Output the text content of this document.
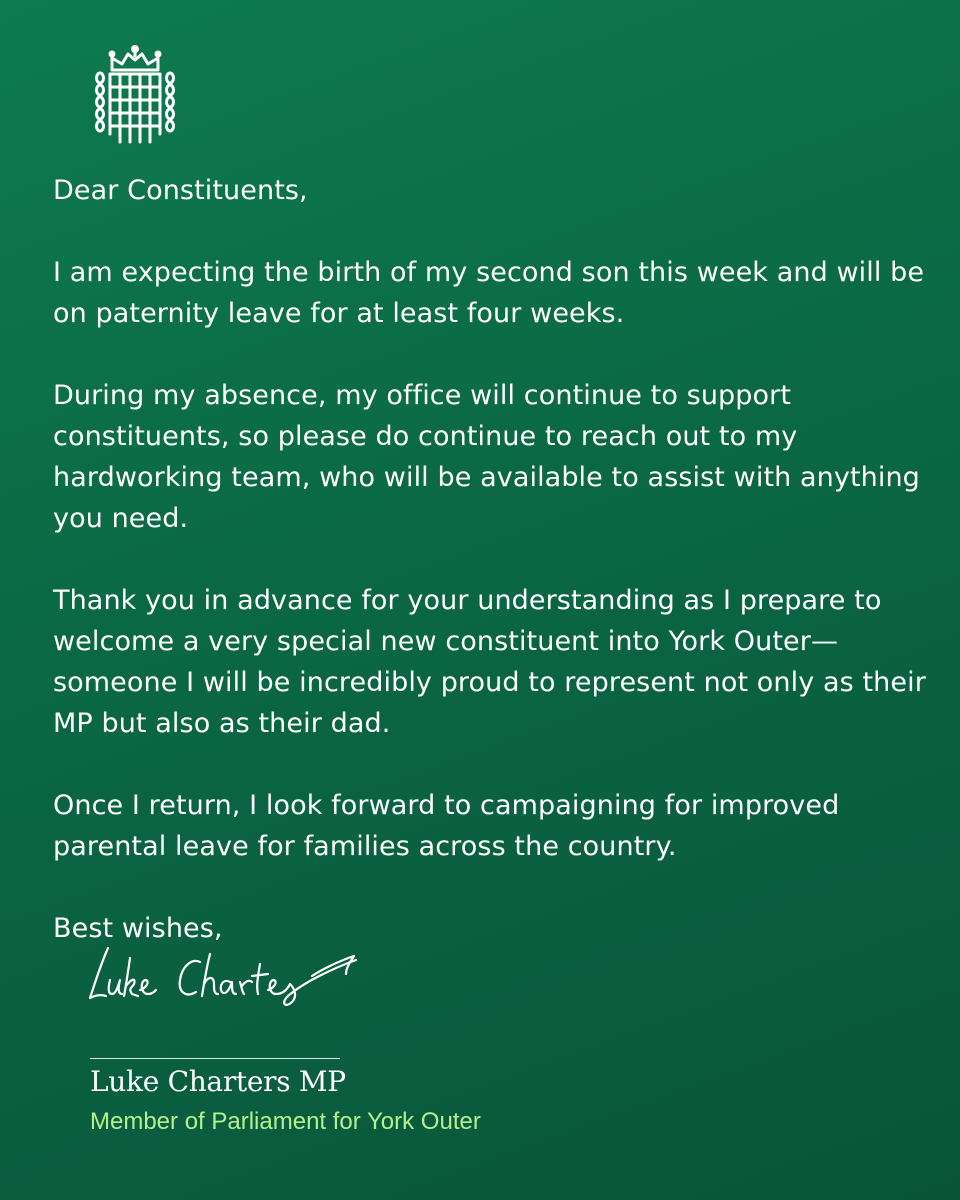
Dear Constituents,

I am expecting the birth of my second son this week and will be on paternity leave for at least four weeks.

During my absence, my office will continue to support constituents, so please do continue to reach out to my hardworking team, who will be available to assist with anything you need.

Thank you in advance for your understanding as I prepare to welcome a very special new constituent into York Outer—someone I will be incredibly proud to represent not only as their MP but also as their dad.

Once I return, I look forward to campaigning for improved parental leave for families across the country.

Best wishes,

Luke Charters MP
Member of Parliament for York Outer
